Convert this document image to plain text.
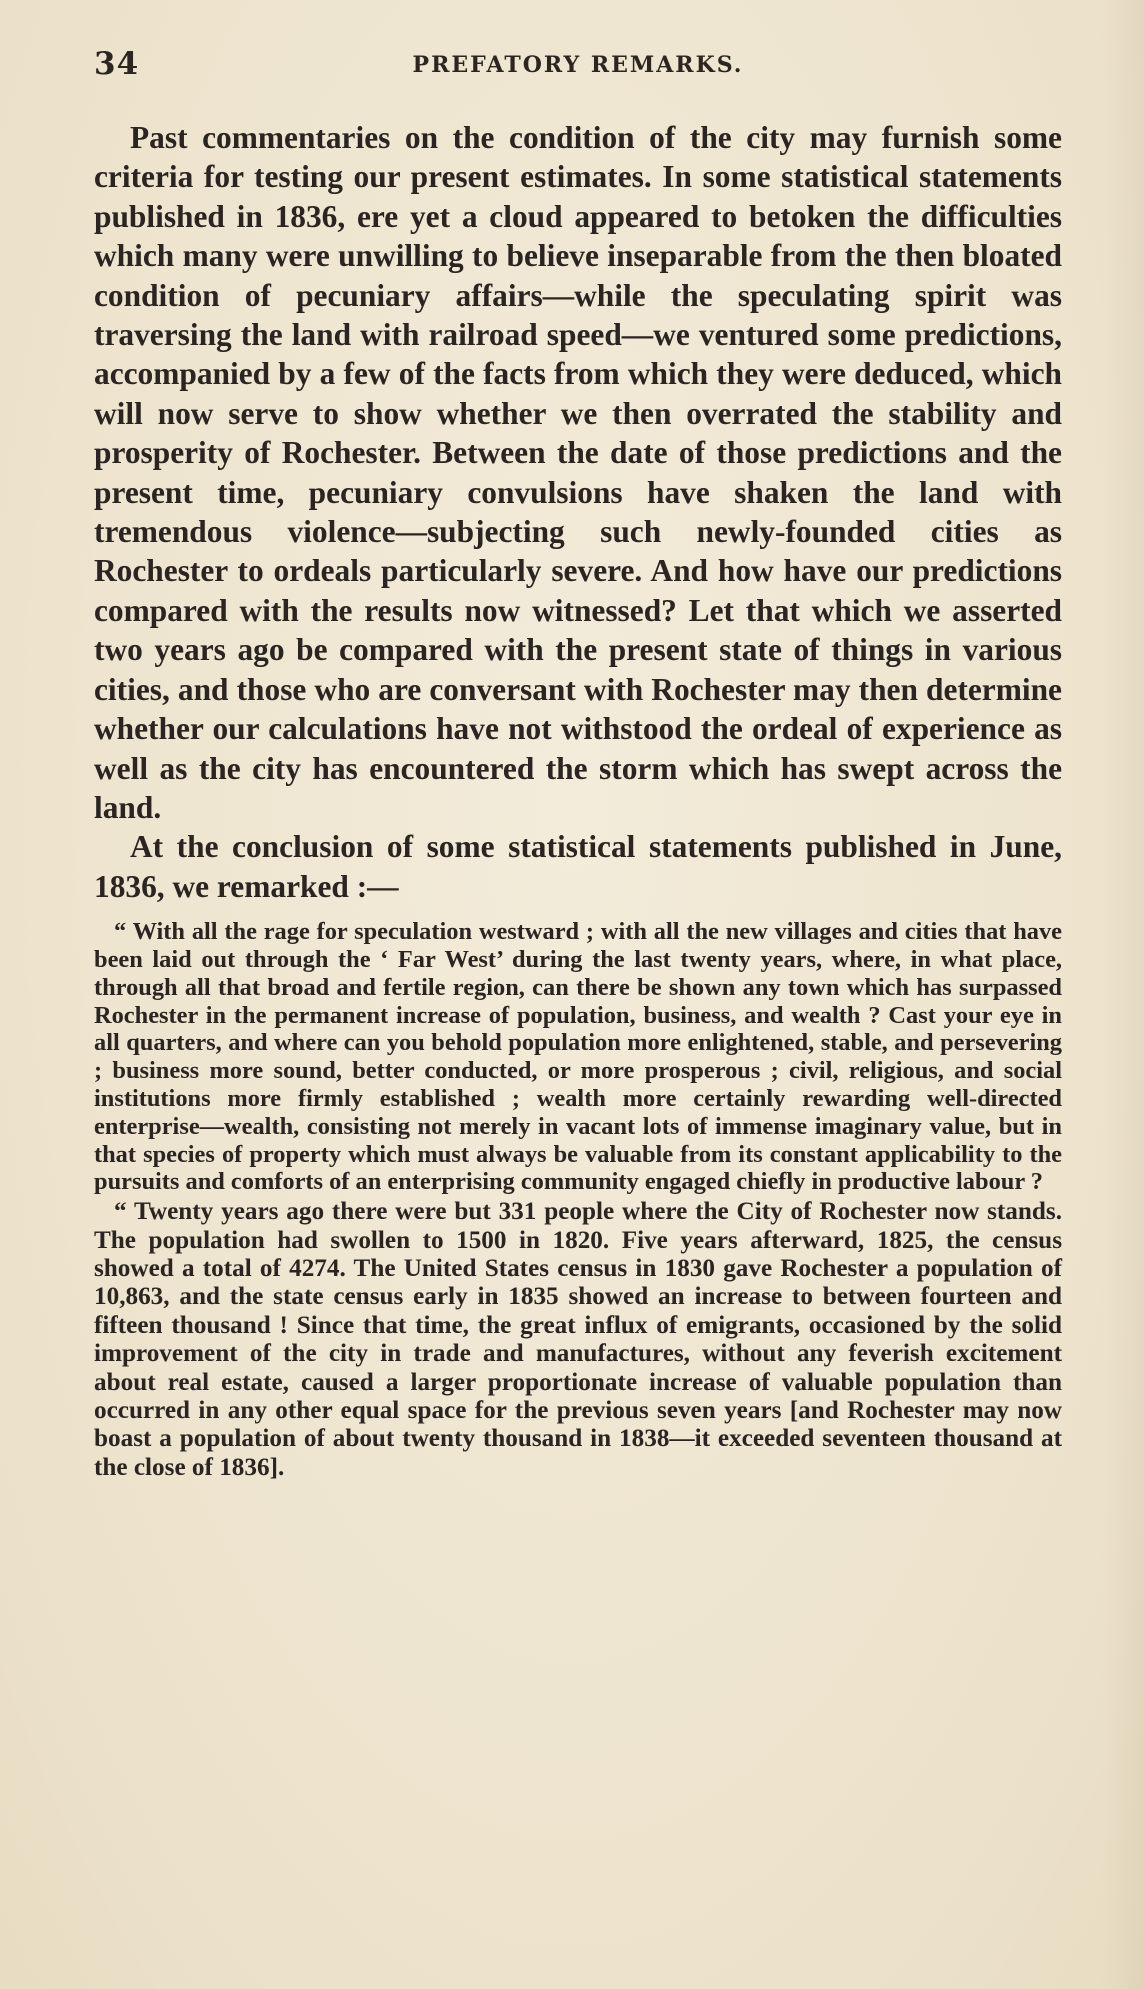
34	PREFATORY REMARKS.

Past commentaries on the condition of the city may furnish some criteria for testing our present estimates. In some statistical statements published in 1836, ere yet a cloud appeared to betoken the difficulties which many were unwilling to believe inseparable from the then bloated condition of pecuniary affairs—while the speculating spirit was traversing the land with railroad speed—we ventured some predictions, accompanied by a few of the facts from which they were deduced, which will now serve to show whether we then overrated the stability and prosperity of Rochester. Between the date of those predictions and the present time, pecuniary convulsions have shaken the land with tremendous violence—subjecting such newly-founded cities as Rochester to ordeals particularly severe. And how have our predictions compared with the results now witnessed? Let that which we asserted two years ago be compared with the present state of things in various cities, and those who are conversant with Rochester may then determine whether our calculations have not withstood the ordeal of experience as well as the city has encountered the storm which has swept across the land.

At the conclusion of some statistical statements published in June, 1836, we remarked :—

“ With all the rage for speculation westward ; with all the new villages and cities that have been laid out through the ‘ Far West’ during the last twenty years, where, in what place, through all that broad and fertile region, can there be shown any town which has surpassed Rochester in the permanent increase of population, business, and wealth ? Cast your eye in all quarters, and where can you behold population more enlightened, stable, and persevering ; business more sound, better conducted, or more prosperous ; civil, religious, and social institutions more firmly established ; wealth more certainly rewarding well-directed enterprise—wealth, consisting not merely in vacant lots of immense imaginary value, but in that species of property which must always be valuable from its constant applicability to the pursuits and comforts of an enterprising community engaged chiefly in productive labour ?

“ Twenty years ago there were but 331 people where the City of Rochester now stands. The population had swollen to 1500 in 1820. Five years afterward, 1825, the census showed a total of 4274. The United States census in 1830 gave Rochester a population of 10,863, and the state census early in 1835 showed an increase to between fourteen and fifteen thousand ! Since that time, the great influx of emigrants, occasioned by the solid improvement of the city in trade and manufactures, without any feverish excitement about real estate, caused a larger proportionate increase of valuable population than occurred in any other equal space for the previous seven years [and Rochester may now boast a population of about twenty thousand in 1838—it exceeded seventeen thousand at the close of 1836].
